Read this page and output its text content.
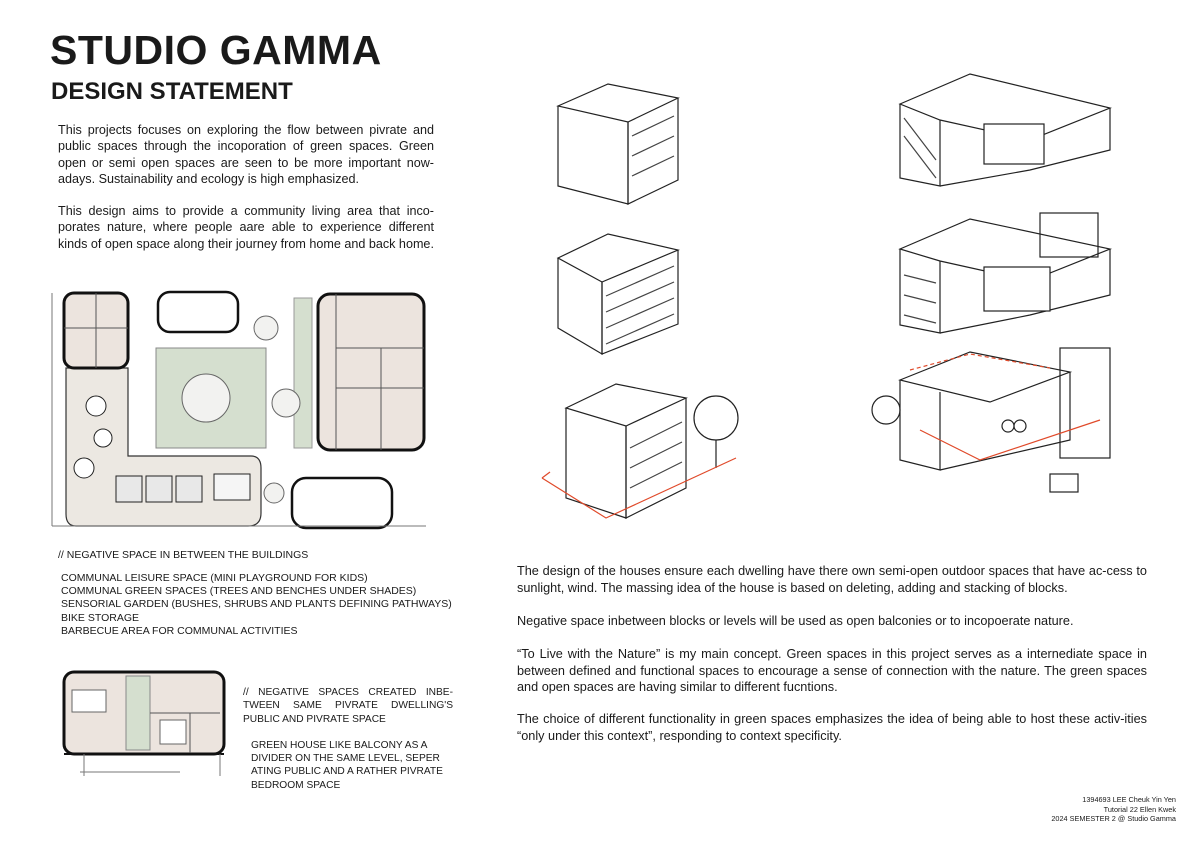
STUDIO GAMMA
DESIGN STATEMENT

This projects focuses on exploring the flow between pivrate and public spaces through the incoporation of green spaces. Green open or semi open spaces are seen to be more important now-adays. Sustainability and ecology is high emphasized.

This design aims to provide a community living area that inco-porates nature, where people aare able to experience different kinds of open space along their journey from home and back home.

// NEGATIVE SPACE IN BETWEEN THE BUILDINGS

COMMUNAL LEISURE SPACE (MINI PLAYGROUND FOR KIDS)
COMMUNAL GREEN SPACES (TREES AND BENCHES UNDER SHADES)
SENSORIAL GARDEN (BUSHES, SHRUBS AND PLANTS DEFINING PATHWAYS)
BIKE STORAGE
BARBECUE AREA FOR COMMUNAL ACTIVITIES

// NEGATIVE SPACES CREATED INBE-TWEEN SAME PIVRATE DWELLING'S PUBLIC AND PIVRATE SPACE

GREEN HOUSE LIKE BALCONY AS A
DIVIDER ON THE SAME LEVEL, SEPER
ATING PUBLIC AND A RATHER PIVRATE
BEDROOM SPACE

The design of the houses ensure each dwelling have there own semi-open outdoor spaces that have ac-cess to sunlight, wind. The massing idea of the house is based on deleting, adding and stacking of blocks.

Negative space inbetween blocks or levels will be used as open balconies or to incopoerate nature.

“To Live with the Nature” is my main concept. Green spaces in this project serves as a internediate space in between defined and functional spaces to encourage a sense of connection with the nature. The green spaces and open spaces are having similar to different fucntions.

The choice of different functionality in green spaces emphasizes the idea of being able to host these activ-ities “only under this context”, responding to context specificity.

1394693 LEE Cheuk Yin Yen
Tutorial 22 Ellen Kwek
2024 SEMESTER 2 @ Studio Gamma
